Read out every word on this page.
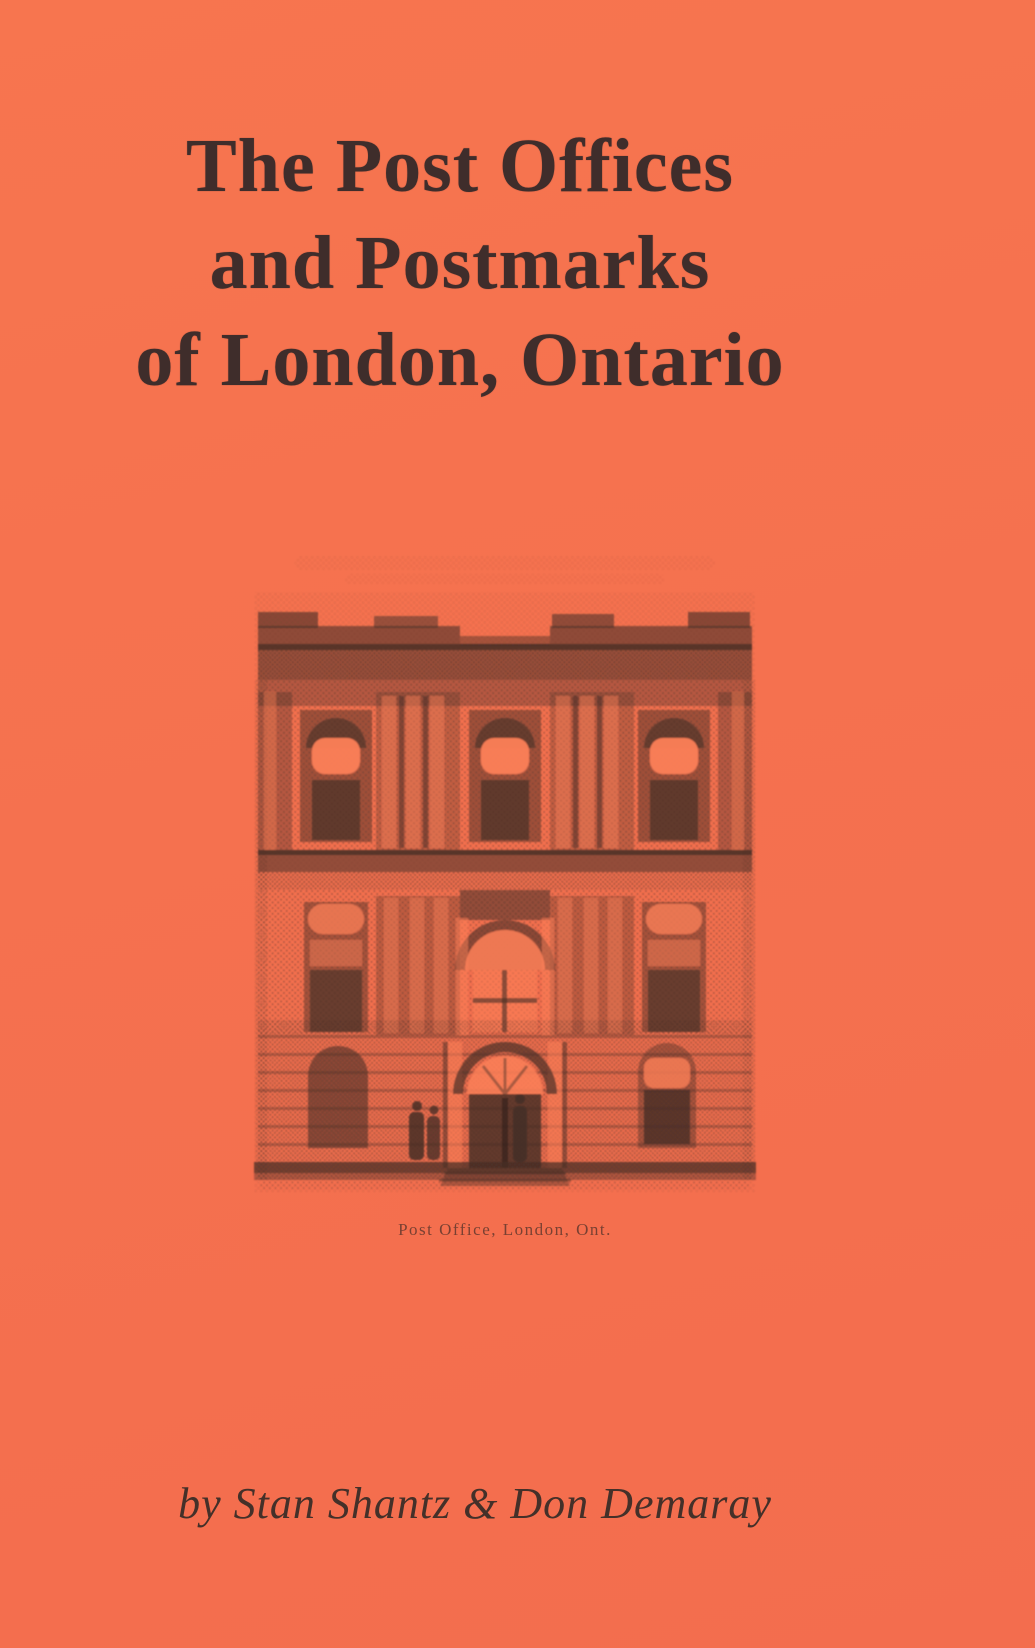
The Post Offices
and Postmarks
of London, Ontario
Post Office, London, Ont.
by Stan Shantz & Don Demaray
